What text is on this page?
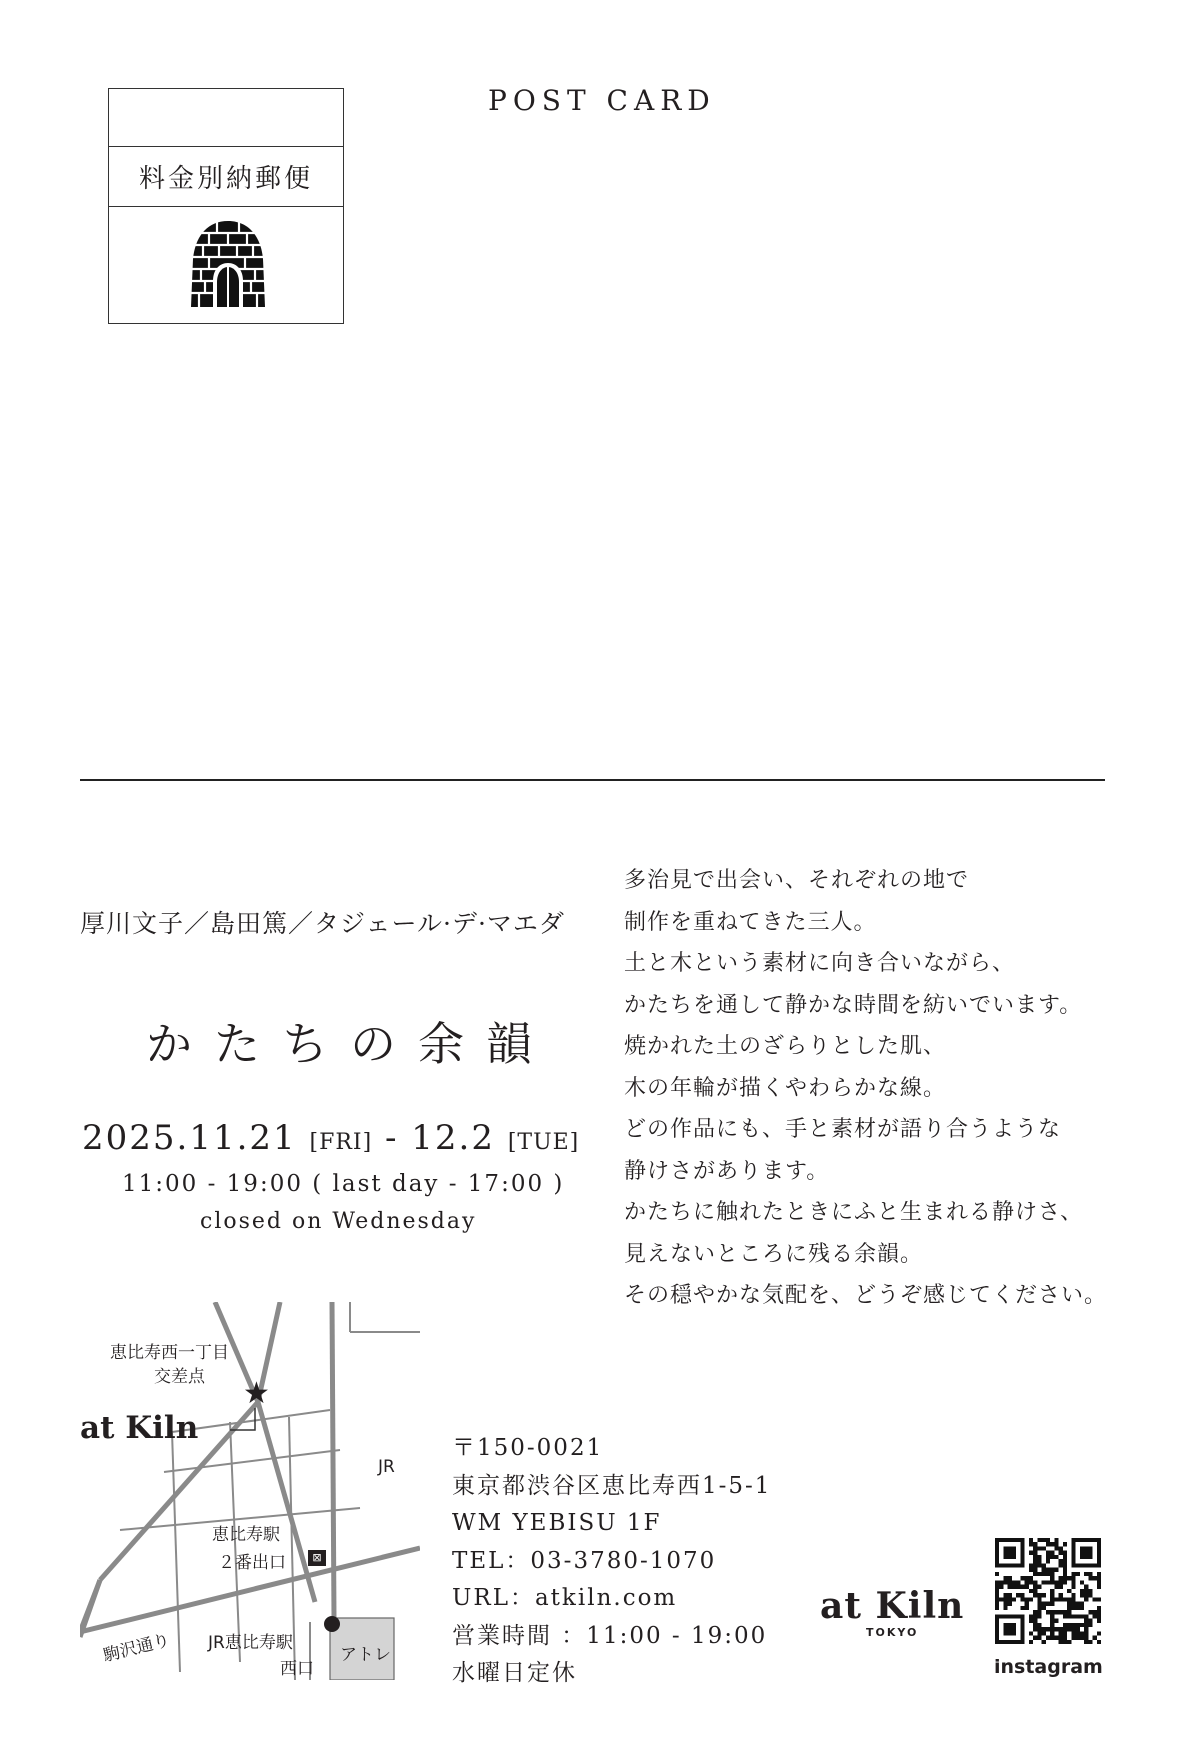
料金別納郵便
POST CARD
厚川文子／島田篤／タジェール·デ·マエダ
かたちの余韻
2025.11.21 [FRI] - 12.2 [TUE]
11:00 - 19:00 ( last day - 17:00 )
closed on Wednesday
多治見で出会い、それぞれの地で
制作を重ねてきた三人。
土と木という素材に向き合いながら、
かたちを通して静かな時間を紡いでいます。
焼かれた土のざらりとした肌、
木の年輪が描くやわらかな線。
どの作品にも、手と素材が語り合うような
静けさがあります。
かたちに触れたときにふと生まれる静けさ、
見えないところに残る余韻。
その穏やかな気配を、どうぞ感じてください。
恵比寿西一丁目
交差点 ★
at Kiln
JR
恵比寿駅
２番出口	⊠
JR恵比寿駅
西口
アトレ
駒沢通り
〒150-0021
東京都渋谷区恵比寿西1-5-1
WM YEBISU 1F
TEL：03-3780-1070
URL：atkiln.com
営業時間 ：11:00 - 19:00
水曜日定休
at Kiln
TOKYO
instagram
